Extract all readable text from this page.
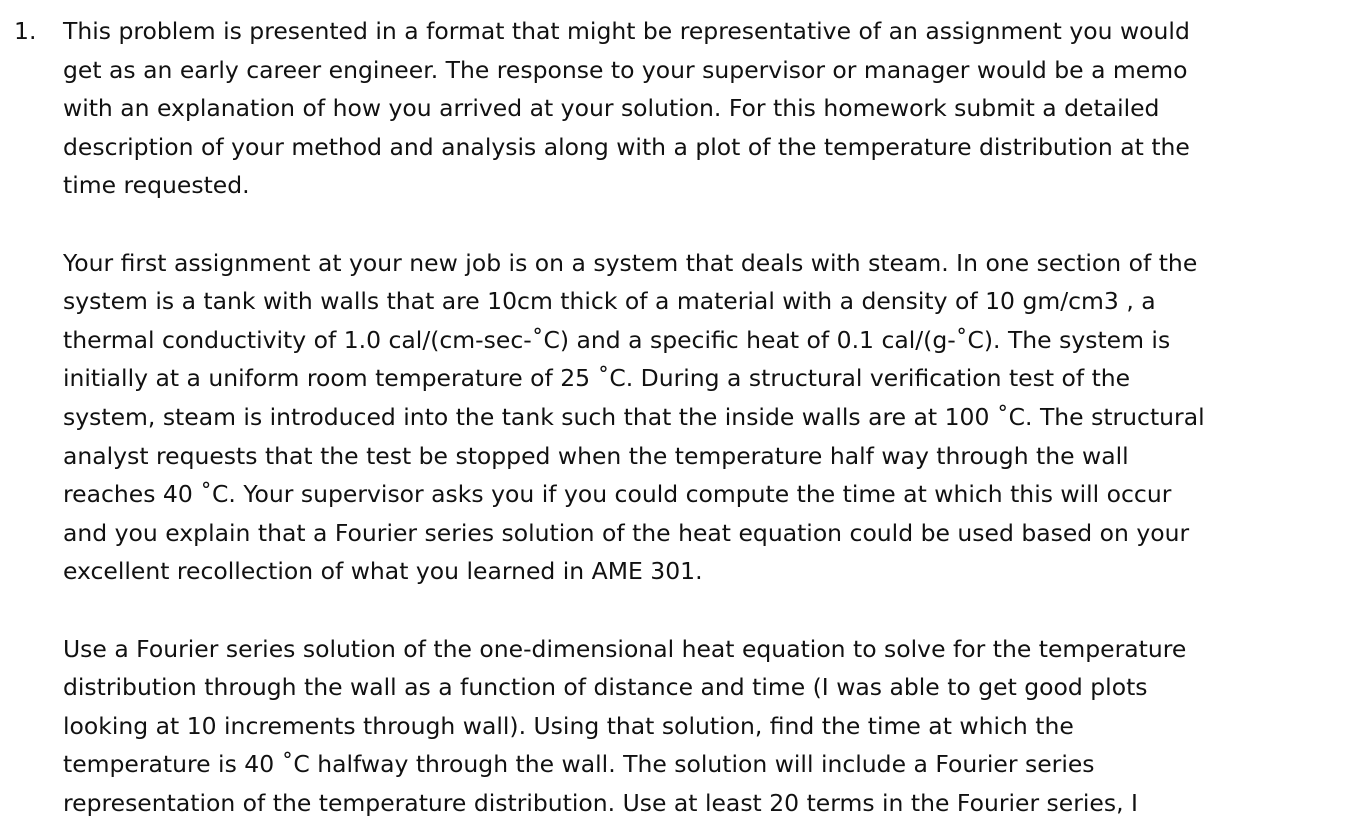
1. This problem is presented in a format that might be representative of an assignment you would
get as an early career engineer. The response to your supervisor or manager would be a memo
with an explanation of how you arrived at your solution. For this homework submit a detailed
description of your method and analysis along with a plot of the temperature distribution at the
time requested.
Your first assignment at your new job is on a system that deals with steam. In one section of the
system is a tank with walls that are 10cm thick of a material with a density of 10 gm/cm3 , a
thermal conductivity of 1.0 cal/(cm-sec-˚C) and a specific heat of 0.1 cal/(g-˚C). The system is
initially at a uniform room temperature of 25 ˚C. During a structural verification test of the
system, steam is introduced into the tank such that the inside walls are at 100 ˚C. The structural
analyst requests that the test be stopped when the temperature half way through the wall
reaches 40 ˚C. Your supervisor asks you if you could compute the time at which this will occur
and you explain that a Fourier series solution of the heat equation could be used based on your
excellent recollection of what you learned in AME 301.
Use a Fourier series solution of the one-dimensional heat equation to solve for the temperature
distribution through the wall as a function of distance and time (I was able to get good plots
looking at 10 increments through wall). Using that solution, find the time at which the
temperature is 40 ˚C halfway through the wall. The solution will include a Fourier series
representation of the temperature distribution. Use at least 20 terms in the Fourier series, I
